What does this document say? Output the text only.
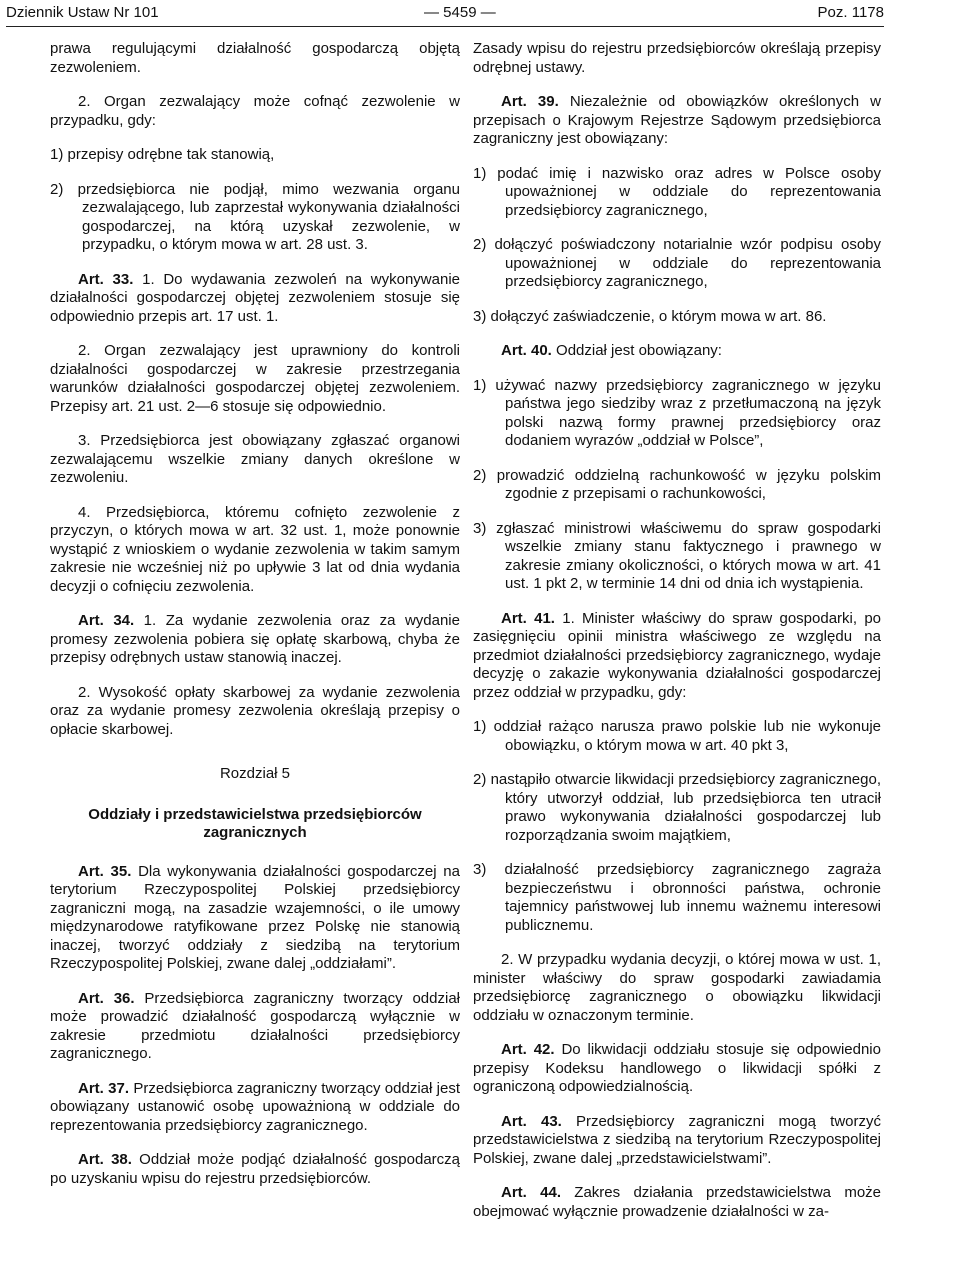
Dziennik Ustaw Nr 101	— 5459 —	Poz. 1178

prawa regulującymi działalność gospodarczą objętą zezwoleniem.

2. Organ zezwalający może cofnąć zezwolenie w przypadku, gdy:

1) przepisy odrębne tak stanowią,

2) przedsiębiorca nie podjął, mimo wezwania organu zezwalającego, lub zaprzestał wykonywania działalności gospodarczej, na którą uzyskał zezwolenie, w przypadku, o którym mowa w art. 28 ust. 3.

Art. 33. 1. Do wydawania zezwoleń na wykonywanie działalności gospodarczej objętej zezwoleniem stosuje się odpowiednio przepis art. 17 ust. 1.

2. Organ zezwalający jest uprawniony do kontroli działalności gospodarczej w zakresie przestrzegania warunków działalności gospodarczej objętej zezwoleniem. Przepisy art. 21 ust. 2—6 stosuje się odpowiednio.

3. Przedsiębiorca jest obowiązany zgłaszać organowi zezwalającemu wszelkie zmiany danych określone w zezwoleniu.

4. Przedsiębiorca, któremu cofnięto zezwolenie z przyczyn, o których mowa w art. 32 ust. 1, może ponownie wystąpić z wnioskiem o wydanie zezwolenia w takim samym zakresie nie wcześniej niż po upływie 3 lat od dnia wydania decyzji o cofnięciu zezwolenia.

Art. 34. 1. Za wydanie zezwolenia oraz za wydanie promesy zezwolenia pobiera się opłatę skarbową, chyba że przepisy odrębnych ustaw stanowią inaczej.

2. Wysokość opłaty skarbowej za wydanie zezwolenia oraz za wydanie promesy zezwolenia określają przepisy o opłacie skarbowej.

Rozdział 5
Oddziały i przedstawicielstwa przedsiębiorców zagranicznych

Art. 35. Dla wykonywania działalności gospodarczej na terytorium Rzeczypospolitej Polskiej przedsiębiorcy zagraniczni mogą, na zasadzie wzajemności, o ile umowy międzynarodowe ratyfikowane przez Polskę nie stanowią inaczej, tworzyć oddziały z siedzibą na terytorium Rzeczypospolitej Polskiej, zwane dalej „oddziałami”.

Art. 36. Przedsiębiorca zagraniczny tworzący oddział może prowadzić działalność gospodarczą wyłącznie w zakresie przedmiotu działalności przedsiębiorcy zagranicznego.

Art. 37. Przedsiębiorca zagraniczny tworzący oddział jest obowiązany ustanowić osobę upoważnioną w oddziale do reprezentowania przedsiębiorcy zagranicznego.

Art. 38. Oddział może podjąć działalność gospodarczą po uzyskaniu wpisu do rejestru przedsiębiorców.

Zasady wpisu do rejestru przedsiębiorców określają przepisy odrębnej ustawy.

Art. 39. Niezależnie od obowiązków określonych w przepisach o Krajowym Rejestrze Sądowym przedsiębiorca zagraniczny jest obowiązany:

1) podać imię i nazwisko oraz adres w Polsce osoby upoważnionej w oddziale do reprezentowania przedsiębiorcy zagranicznego,

2) dołączyć poświadczony notarialnie wzór podpisu osoby upoważnionej w oddziale do reprezentowania przedsiębiorcy zagranicznego,

3) dołączyć zaświadczenie, o którym mowa w art. 86.

Art. 40. Oddział jest obowiązany:

1) używać nazwy przedsiębiorcy zagranicznego w języku państwa jego siedziby wraz z przetłumaczoną na język polski nazwą formy prawnej przedsiębiorcy oraz dodaniem wyrazów „oddział w Polsce”,

2) prowadzić oddzielną rachunkowość w języku polskim zgodnie z przepisami o rachunkowości,

3) zgłaszać ministrowi właściwemu do spraw gospodarki wszelkie zmiany stanu faktycznego i prawnego w zakresie zmiany okoliczności, o których mowa w art. 41 ust. 1 pkt 2, w terminie 14 dni od dnia ich wystąpienia.

Art. 41. 1. Minister właściwy do spraw gospodarki, po zasięgnięciu opinii ministra właściwego ze względu na przedmiot działalności przedsiębiorcy zagranicznego, wydaje decyzję o zakazie wykonywania działalności gospodarczej przez oddział w przypadku, gdy:

1) oddział rażąco narusza prawo polskie lub nie wykonuje obowiązku, o którym mowa w art. 40 pkt 3,

2) nastąpiło otwarcie likwidacji przedsiębiorcy zagranicznego, który utworzył oddział, lub przedsiębiorca ten utracił prawo wykonywania działalności gospodarczej lub rozporządzania swoim majątkiem,

3) działalność przedsiębiorcy zagranicznego zagraża bezpieczeństwu i obronności państwa, ochronie tajemnicy państwowej lub innemu ważnemu interesowi publicznemu.

2. W przypadku wydania decyzji, o której mowa w ust. 1, minister właściwy do spraw gospodarki zawiadamia przedsiębiorcę zagranicznego o obowiązku likwidacji oddziału w oznaczonym terminie.

Art. 42. Do likwidacji oddziału stosuje się odpowiednio przepisy Kodeksu handlowego o likwidacji spółki z ograniczoną odpowiedzialnością.

Art. 43. Przedsiębiorcy zagraniczni mogą tworzyć przedstawicielstwa z siedzibą na terytorium Rzeczypospolitej Polskiej, zwane dalej „przedstawicielstwami”.

Art. 44. Zakres działania przedstawicielstwa może obejmować wyłącznie prowadzenie działalności w za-
